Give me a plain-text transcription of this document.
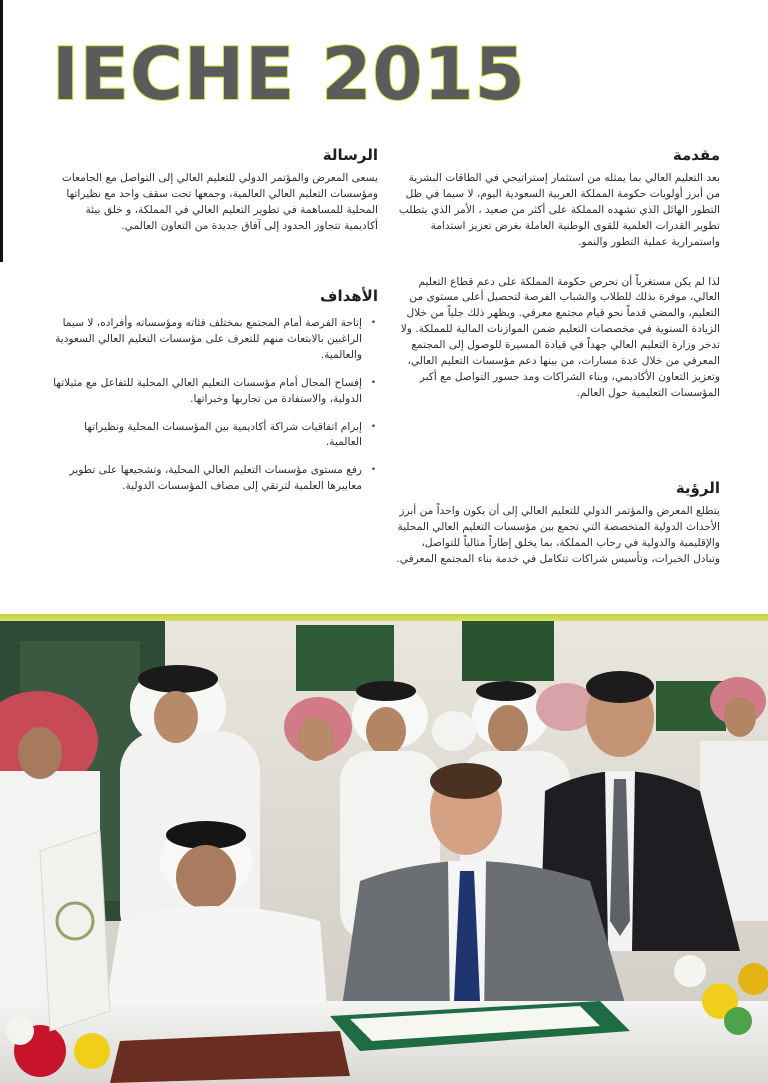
IECHE 2015
مقدمة

بعد التعليم العالي بما يمثله من استثمار إستراتيجي في الطاقات البشرية من أبرز أولويات حكومة المملكة العربية السعودية اليوم، لا سيما في ظل التطور الهائل الذي تشهده المملكة على أكثر من صعيد ، الأمر الذي يتطلب تطوير القدرات العلمية للقوى الوطنية العاملة بغرض تعزيز استدامة واستمرارية عملية التطور والنمو.

لذا لم يكن مستغرباً أن تحرص حكومة المملكة على دعم قطاع التعليم العالي، موفرة بذلك للطلاب والشباب الفرصة لتحصيل أعلى مستوى من التعليم، والمضي قدماً نحو قيام مجتمع معرفي. ويظهر ذلك جلياً من خلال الزيادة السنوية في مخصصات التعليم ضمن الموازنات المالية للمملكة. ولا تدخر وزارة التعليم العالي جهداً في قيادة المسيرة للوصول إلى المجتمع المعرفي من خلال عدة مسارات، من بينها دعم مؤسسات التعليم العالي، وتعزيز التعاون الأكاديمي، وبناء الشراكات ومد جسور التواصل مع أكبر المؤسسات التعليمية حول العالم.

الرؤية

يتطلع المعرض والمؤتمر الدولي للتعليم العالي إلى أن يكون واحداً من أبرز الأحداث الدولية المتخصصة التي تجمع بين مؤسسات التعليم العالي المحلية والإقليمية والدولية في رحاب المملكة، بما يخلق إطاراً مثالياً للتواصل، وتبادل الخبرات، وتأسيس شراكات تتكامل في خدمة بناء المجتمع المعرفي.

الرسالة

يسعى المعرض والمؤتمر الدولي للتعليم العالي إلى التواصل مع الجامعات ومؤسسات التعليم العالي العالمية، وجمعها تحت سقف واحد مع نظيراتها المحلية للمساهمة في تطوير التعليم العالي في المملكة، و خلق بيئة أكاديمية تتجاوز الحدود إلى آفاق جديدة من التعاون العالمي.

الأهداف
•
إتاحة الفرصة أمام المجتمع بمختلف فئاته ومؤسساته وأفراده، لا سيما الراغبين بالابتعاث منهم للتعرف على مؤسسات التعليم العالي السعودية والعالمية.
•
إفساح المجال أمام مؤسسات التعليم العالي المحلية للتفاعل مع مثيلاتها الدولية، والاستفادة من تجاربها وخبراتها.
•
إبرام اتفاقيات شراكة أكاديمية بين المؤسسات المحلية ونظيراتها العالمية.
•
رفع مستوى مؤسسات التعليم العالي المحلية، وتشجيعها على تطوير معاييرها العلمية لترتقي إلى مصاف المؤسسات الدولية.
